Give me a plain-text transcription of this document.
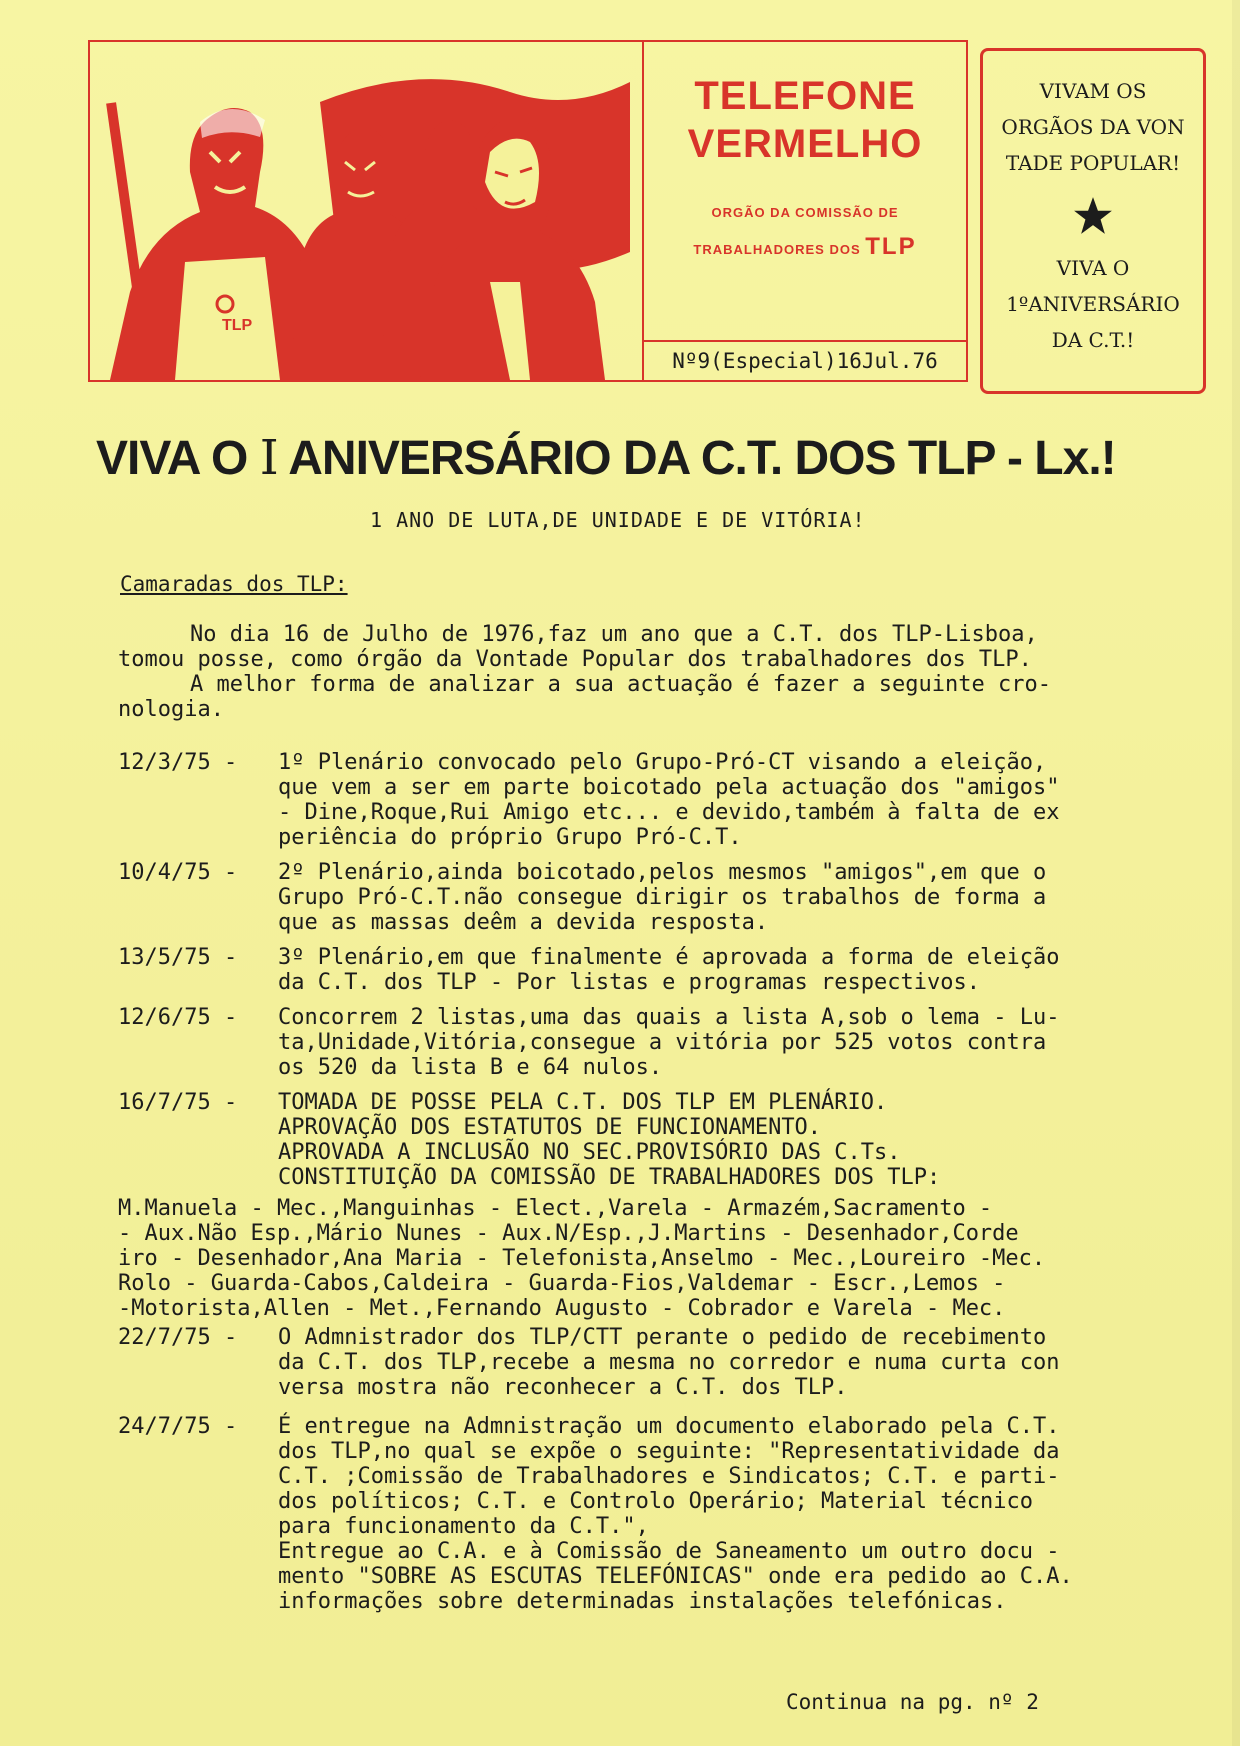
TLP
TELEFONE
VERMELHO
ORGÃO DA COMISSÃO DE
TRABALHADORES DOS TLP
Nº9(Especial)16Jul.76

VIVAM OS

ORGÃOS DA VON

TADE POPULAR!

VIVA O

1ºANIVERSÁRIO

DA C.T.!

VIVA O I ANIVERSÁRIO DA C.T. DOS TLP - Lx.!
1 ANO DE LUTA,DE UNIDADE E DE VITÓRIA!
Camaradas dos TLP:

No dia 16 de Julho de 1976,faz um ano que a C.T. dos TLP-Lisboa,

tomou posse, como órgão da Vontade Popular dos trabalhadores dos TLP.

A melhor forma de analizar a sua actuação é fazer a seguinte cro-

nologia.

12/3/75 -	1º Plenário convocado pelo Grupo-Pró-CT visando a eleição,

que vem a ser em parte boicotado pela actuação dos "amigos"

- Dine,Roque,Rui Amigo etc... e devido,também à falta de ex

periência do próprio Grupo Pró-C.T.

10/4/75 -	2º Plenário,ainda boicotado,pelos mesmos "amigos",em que o

Grupo Pró-C.T.não consegue dirigir os trabalhos de forma a

que as massas deêm a devida resposta.

13/5/75 -	3º Plenário,em que finalmente é aprovada a forma de eleição

da C.T. dos TLP - Por listas e programas respectivos.

12/6/75 -	Concorrem 2 listas,uma das quais a lista A,sob o lema - Lu-

ta,Unidade,Vitória,consegue a vitória por 525 votos contra

os 520 da lista B e 64 nulos.

16/7/75 -	TOMADA DE POSSE PELA C.T. DOS TLP EM PLENÁRIO.

APROVAÇÃO DOS ESTATUTOS DE FUNCIONAMENTO.

APROVADA A INCLUSÃO NO SEC.PROVISÓRIO DAS C.Ts.

CONSTITUIÇÃO DA COMISSÃO DE TRABALHADORES DOS TLP:

M.Manuela - Mec.,Manguinhas - Elect.,Varela - Armazém,Sacramento -

- Aux.Não Esp.,Mário Nunes - Aux.N/Esp.,J.Martins - Desenhador,Corde

iro - Desenhador,Ana Maria - Telefonista,Anselmo - Mec.,Loureiro -Mec.

Rolo - Guarda-Cabos,Caldeira - Guarda-Fios,Valdemar - Escr.,Lemos -

-Motorista,Allen - Met.,Fernando Augusto - Cobrador e Varela - Mec.

22/7/75 -	O Admnistrador dos TLP/CTT perante o pedido de recebimento

da C.T. dos TLP,recebe a mesma no corredor e numa curta con

versa mostra não reconhecer a C.T. dos TLP.

24/7/75 -	É entregue na Admnistração um documento elaborado pela C.T.

dos TLP,no qual se expõe o seguinte: "Representatividade da

C.T. ;Comissão de Trabalhadores e Sindicatos; C.T. e parti-

dos políticos; C.T. e Controlo Operário; Material técnico

para funcionamento da C.T.",

Entregue ao C.A. e à Comissão de Saneamento um outro docu -

mento "SOBRE AS ESCUTAS TELEFÓNICAS" onde era pedido ao C.A.

informações sobre determinadas instalações telefónicas.

Continua na pg. nº 2
